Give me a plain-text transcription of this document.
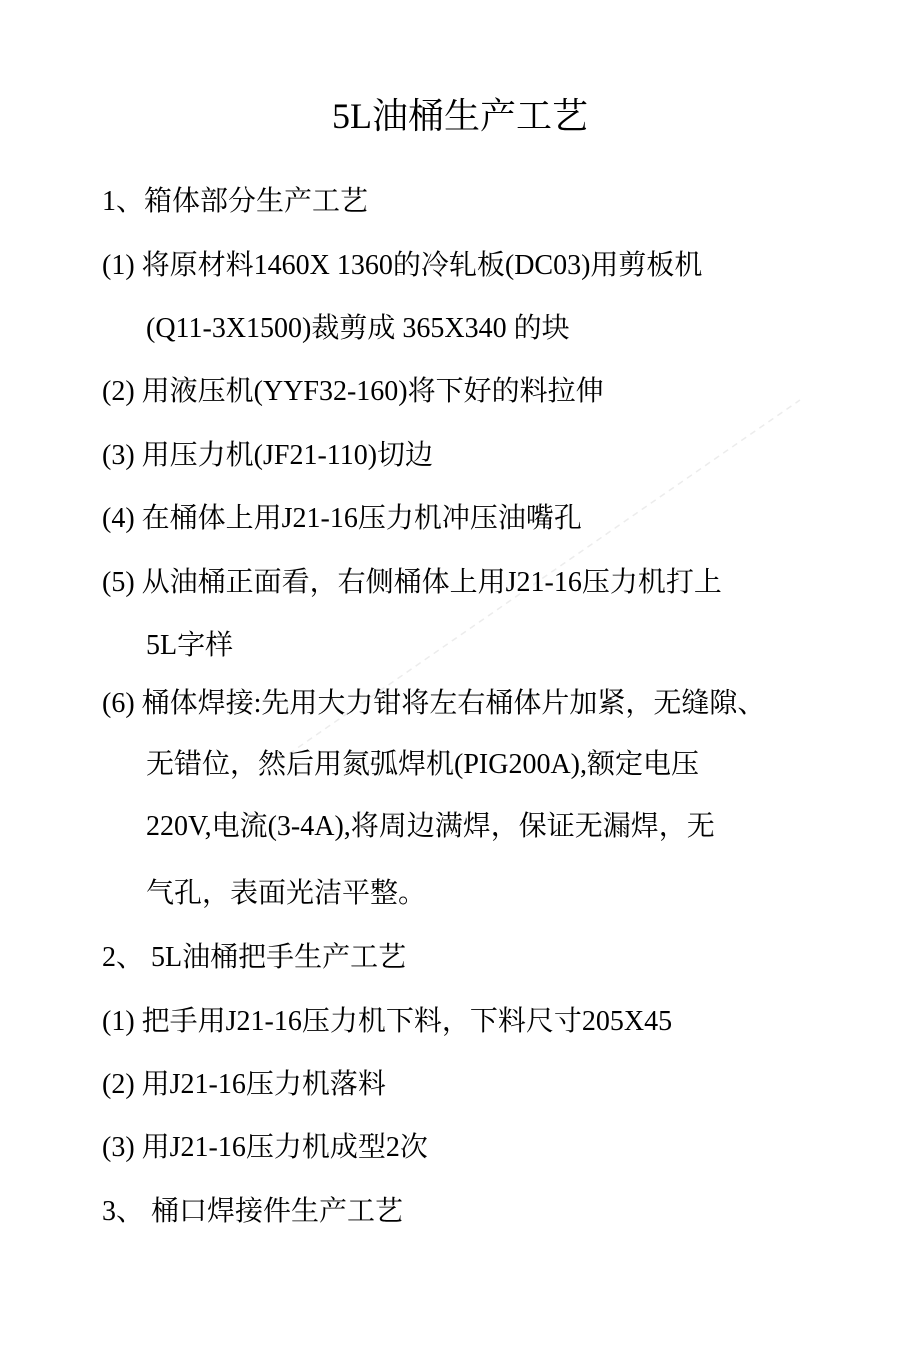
5L油桶生产工艺

1、箱体部分生产工艺

(1) 将原材料1460X 1360的冷轧板(DC03)用剪板机

(Q11-3X1500)裁剪成 365X340 的块

(2) 用液压机(YYF32-160)将下好的料拉伸

(3) 用压力机(JF21-110)切边

(4) 在桶体上用J21-16压力机冲压油嘴孔

(5) 从油桶正面看，右侧桶体上用J21-16压力机打上

5L字样

(6) 桶体焊接:先用大力钳将左右桶体片加紧，无缝隙、

无错位，然后用氮弧焊机(PIG200A),额定电压

220V,电流(3-4A),将周边满焊，保证无漏焊，无

气孔，表面光洁平整。

2、 5L油桶把手生产工艺

(1) 把手用J21-16压力机下料，下料尺寸205X45

(2) 用J21-16压力机落料

(3) 用J21-16压力机成型2次

3、 桶口焊接件生产工艺
